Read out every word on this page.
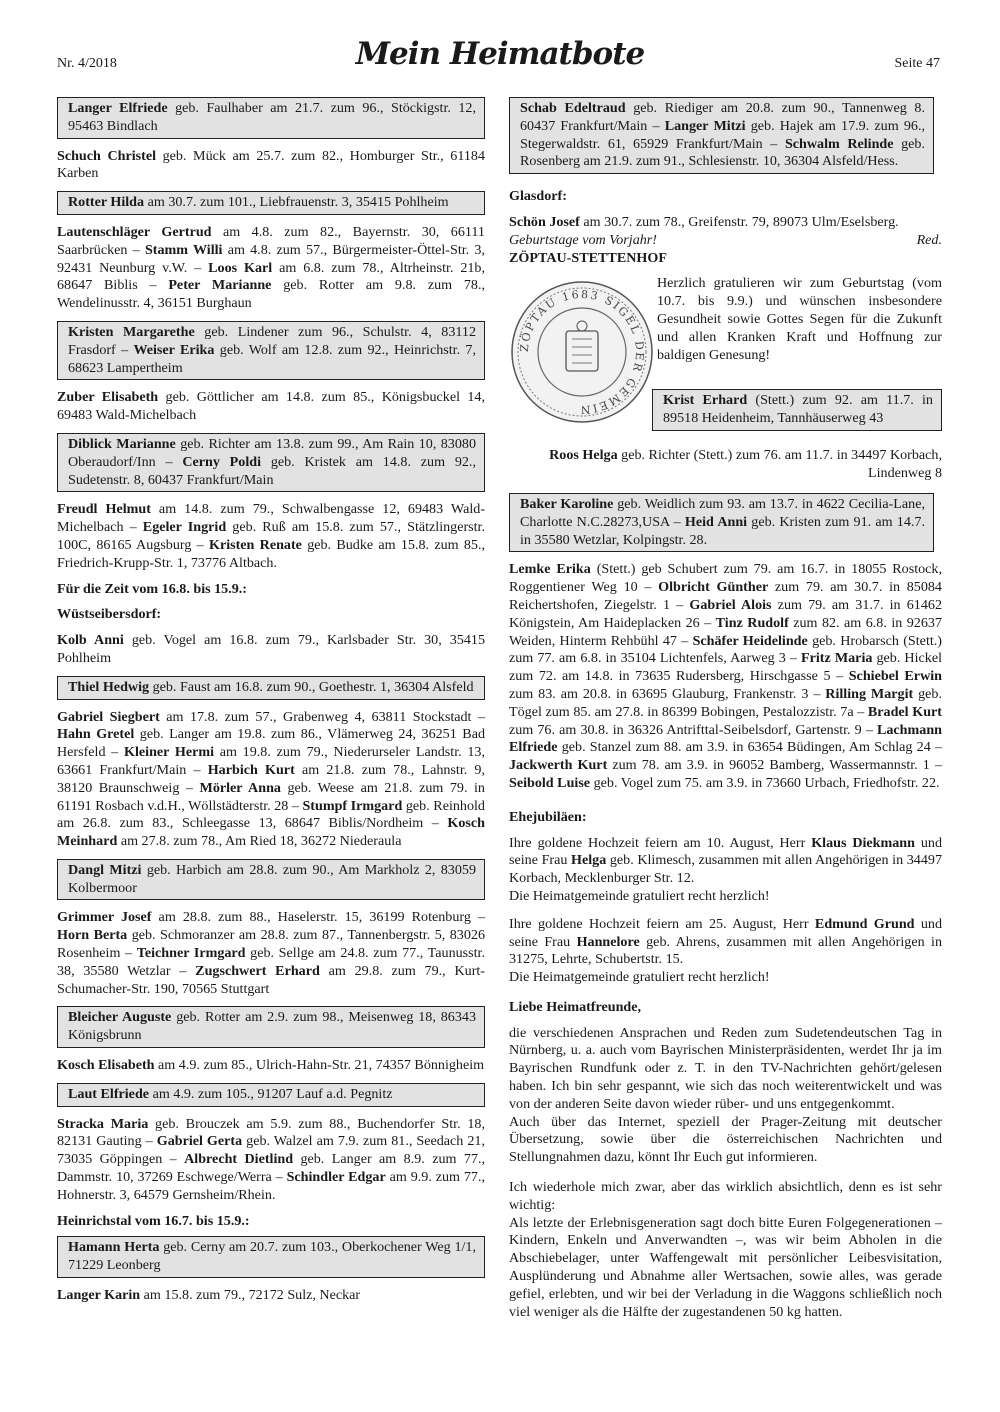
Nr. 4/2018	Mein Heimatbote	Seite 47
Langer Elfriede geb. Faulhaber am 21.7. zum 96., Stöckigstr. 12, 95463 Bindlach

Schuch Christel geb. Mück am 25.7. zum 82., Homburger Str., 61184 Karben

Rotter Hilda am 30.7. zum 101., Liebfrauenstr. 3, 35415 Pohlheim

Lautenschläger Gertrud am 4.8. zum 82., Bayernstr. 30, 66111 Saarbrücken – Stamm Willi am 4.8. zum 57., Bürgermeister-Öttel-Str. 3, 92431 Neunburg v.W. – Loos Karl am 6.8. zum 78., Altrheinstr. 21b, 68647 Biblis – Peter Marianne geb. Rotter am 9.8. zum 78., Wendelinusstr. 4, 36151 Burghaun

Kristen Margarethe geb. Lindener zum 96., Schulstr. 4, 83112 Frasdorf – Weiser Erika geb. Wolf am 12.8. zum 92., Heinrichstr. 7, 68623 Lampertheim

Zuber Elisabeth geb. Göttlicher am 14.8. zum 85., Königsbuckel 14, 69483 Wald-Michelbach

Diblick Marianne geb. Richter am 13.8. zum 99., Am Rain 10, 83080 Oberaudorf/Inn – Cerny Poldi geb. Kristek am 14.8. zum 92., Sudetenstr. 8, 60437 Frankfurt/Main

Freudl Helmut am 14.8. zum 79., Schwalbengasse 12, 69483 Wald-Michelbach – Egeler Ingrid geb. Ruß am 15.8. zum 57., Stätzlingerstr. 100C, 86165 Augsburg – Kristen Renate geb. Budke am 15.8. zum 85., Friedrich-Krupp-Str. 1, 73776 Altbach.

Für die Zeit vom 16.8. bis 15.9.:

Wüstseibersdorf:

Kolb Anni geb. Vogel am 16.8. zum 79., Karlsbader Str. 30, 35415 Pohlheim

Thiel Hedwig geb. Faust am 16.8. zum 90., Goethestr. 1, 36304 Alsfeld

Gabriel Siegbert am 17.8. zum 57., Grabenweg 4, 63811 Stockstadt – Hahn Gretel geb. Langer am 19.8. zum 86., Vlämerweg 24, 36251 Bad Hersfeld – Kleiner Hermi am 19.8. zum 79., Niederurseler Landstr. 13, 63661 Frankfurt/Main – Harbich Kurt am 21.8. zum 78., Lahnstr. 9, 38120 Braunschweig – Mörler Anna geb. Weese am 21.8. zum 79. in 61191 Rosbach v.d.H., Wöllstädterstr. 28 – Stumpf Irmgard geb. Reinhold am 26.8. zum 83., Schleegasse 13, 68647 Biblis/Nordheim – Kosch Meinhard am 27.8. zum 78., Am Ried 18, 36272 Niederaula

Dangl Mitzi geb. Harbich am 28.8. zum 90., Am Markholz 2, 83059 Kolbermoor

Grimmer Josef am 28.8. zum 88., Haselerstr. 15, 36199 Rotenburg – Horn Berta geb. Schmoranzer am 28.8. zum 87., Tannenbergstr. 5, 83026 Rosenheim – Teichner Irmgard geb. Sellge am 24.8. zum 77., Taunusstr. 38, 35580 Wetzlar – Zugschwert Erhard am 29.8. zum 79., Kurt-Schumacher-Str. 190, 70565 Stuttgart

Bleicher Auguste geb. Rotter am 2.9. zum 98., Meisenweg 18, 86343 Königsbrunn

Kosch Elisabeth am 4.9. zum 85., Ulrich-Hahn-Str. 21, 74357 Bönnigheim

Laut Elfriede am 4.9. zum 105., 91207 Lauf a.d. Pegnitz

Stracka Maria geb. Brouczek am 5.9. zum 88., Buchendorfer Str. 18, 82131 Gauting – Gabriel Gerta geb. Walzel am 7.9. zum 81., Seedach 21, 73035 Göppingen – Albrecht Dietlind geb. Langer am 8.9. zum 77., Dammstr. 10, 37269 Eschwege/Werra – Schindler Edgar am 9.9. zum 77., Hohnerstr. 3, 64579 Gernsheim/Rhein.

Heinrichstal vom 16.7. bis 15.9.:

Hamann Herta geb. Cerny am 20.7. zum 103., Oberkochener Weg 1/1, 71229 Leonberg

Langer Karin am 15.8. zum 79., 72172 Sulz, Neckar

Schab Edeltraud geb. Riediger am 20.8. zum 90., Tannenweg 8. 60437 Frankfurt/Main – Langer Mitzi geb. Hajek am 17.9. zum 96., Stegerwaldstr. 61, 65929 Frankfurt/Main – Schwalm Relinde geb. Rosenberg am 21.9. zum 91., Schlesienstr. 10, 36304 Alsfeld/Hess.

Glasdorf:

Schön Josef am 30.7. zum 78., Greifenstr. 79, 89073 Ulm/Eselsberg.

Geburtstage vom Vorjahr!	Red.

ZÖPTAU-STETTENHOF

ZÖPTAU 1683 SIGEL DER GEMEIN

Herzlich gratulieren wir zum Geburtstag (vom 10.7. bis 9.9.) und wünschen insbesondere Gesundheit sowie Gottes Segen für die Zukunft und allen Kranken Kraft und Hoffnung zur baldigen Genesung!

Krist Erhard (Stett.) zum 92. am 11.7. in 89518 Heidenheim, Tannhäuserweg 43

Roos Helga geb. Richter (Stett.) zum 76. am 11.7. in 34497 Korbach, Lindenweg 8

Baker Karoline geb. Weidlich zum 93. am 13.7. in 4622 Cecilia-Lane, Charlotte N.C.28273,USA – Heid Anni geb. Kristen zum 91. am 14.7. in 35580 Wetzlar, Kolpingstr. 28.

Lemke Erika (Stett.) geb Schubert zum 79. am 16.7. in 18055 Rostock, Roggentiener Weg 10 – Olbricht Günther zum 79. am 30.7. in 85084 Reichertshofen, Ziegelstr. 1 – Gabriel Alois zum 79. am 31.7. in 61462 Königstein, Am Haideplacken 26 – Tinz Rudolf zum 82. am 6.8. in 92637 Weiden, Hinterm Rehbühl 47 – Schäfer Heidelinde geb. Hrobarsch (Stett.) zum 77. am 6.8. in 35104 Lichtenfels, Aarweg 3 – Fritz Maria geb. Hickel zum 72. am 14.8. in 73635 Rudersberg, Hirschgasse 5 – Schiebel Erwin zum 83. am 20.8. in 63695 Glauburg, Frankenstr. 3 – Rilling Margit geb. Tögel zum 85. am 27.8. in 86399 Bobingen, Pestalozzistr. 7a – Bradel Kurt zum 76. am 30.8. in 36326 Antrifttal-Seibelsdorf, Gartenstr. 9 – Lachmann Elfriede geb. Stanzel zum 88. am 3.9. in 63654 Büdingen, Am Schlag 24 – Jackwerth Kurt zum 78. am 3.9. in 96052 Bamberg, Wassermannstr. 1 – Seibold Luise geb. Vogel zum 75. am 3.9. in 73660 Urbach, Friedhofstr. 22.

Ehejubiläen:

Ihre goldene Hochzeit feiern am 10. August, Herr Klaus Diekmann und seine Frau Helga geb. Klimesch, zusammen mit allen Angehörigen in 34497 Korbach, Mecklenburger Str. 12.
Die Heimatgemeinde gratuliert recht herzlich!

Ihre goldene Hochzeit feiern am 25. August, Herr Edmund Grund und seine Frau Hannelore geb. Ahrens, zusammen mit allen Angehörigen in 31275, Lehrte, Schubertstr. 15.
Die Heimatgemeinde gratuliert recht herzlich!

Liebe Heimatfreunde,

die verschiedenen Ansprachen und Reden zum Sudetendeutschen Tag in Nürnberg, u. a. auch vom Bayrischen Ministerpräsidenten, werdet Ihr ja im Bayrischen Rundfunk oder z. T. in den TV-Nachrichten gehört/gelesen haben. Ich bin sehr gespannt, wie sich das noch weiterentwickelt und was von der anderen Seite davon wieder rüber- und uns entgegenkommt.

Auch über das Internet, speziell der Prager-Zeitung mit deutscher Übersetzung, sowie über die österreichischen Nachrichten und Stellungnahmen dazu, könnt Ihr Euch gut informieren.

Ich wiederhole mich zwar, aber das wirklich absichtlich, denn es ist sehr wichtig:

Als letzte der Erlebnisgeneration sagt doch bitte Euren Folgegenerationen – Kindern, Enkeln und Anverwandten –, was wir beim Abholen in die Abschiebelager, unter Waffengewalt mit persönlicher Leibesvisitation, Ausplünderung und Abnahme aller Wertsachen, sowie alles, was gerade gefiel, erlebten, und wir bei der Verladung in die Waggons schließlich noch viel weniger als die Hälfte der zugestandenen 50 kg hatten.
